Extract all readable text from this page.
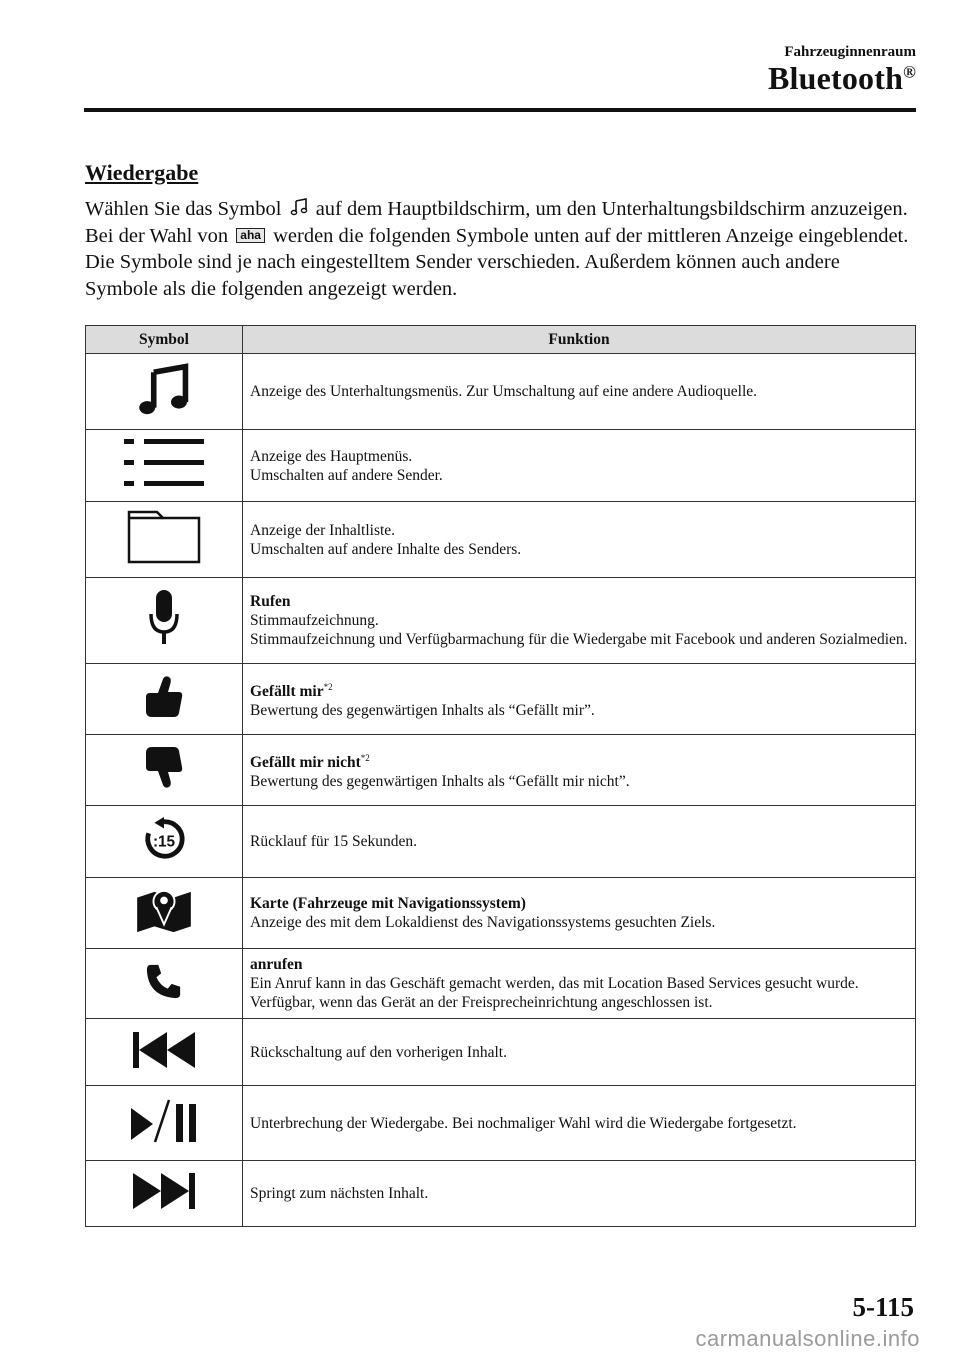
Fahrzeuginnenraum
Bluetooth®
Wiedergabe

Wählen Sie das Symbol  auf dem Hauptbildschirm, um den Unterhaltungsbildschirm anzuzeigen. Bei der Wahl von aha werden die folgenden Symbole unten auf der mittleren Anzeige eingeblendet. Die Symbole sind je nach eingestelltem Sender verschieden. Außerdem können auch andere Symbole als die folgenden angezeigt werden.

Symbol	Funktion

Anzeige des Unterhaltungsmenüs. Zur Umschaltung auf eine andere Audioquelle.

Anzeige des Hauptmenüs.
Umschalten auf andere Sender.

Anzeige der Inhaltliste.
Umschalten auf andere Inhalte des Senders.

Rufen
Stimmaufzeichnung.
Stimmaufzeichnung und Verfügbarmachung für die Wiedergabe mit Facebook und anderen Sozialmedien.

Gefällt mir$^{*2}$
Bewertung des gegenwärtigen Inhalts als “Gefällt mir”.

Gefällt mir nicht$^{*2}$
Bewertung des gegenwärtigen Inhalts als “Gefällt mir nicht”.

:15	Rücklauf für 15 Sekunden.

Karte (Fahrzeuge mit Navigationssystem)
Anzeige des mit dem Lokaldienst des Navigationssystems gesuchten Ziels.

anrufen
Ein Anruf kann in das Geschäft gemacht werden, das mit Location Based Services gesucht wurde. Verfügbar, wenn das Gerät an der Freisprecheinrichtung angeschlossen ist.

Rückschaltung auf den vorherigen Inhalt.

Unterbrechung der Wiedergabe. Bei nochmaliger Wahl wird die Wiedergabe fortgesetzt.

Springt zum nächsten Inhalt.
5-115
carmanualsonline.info
